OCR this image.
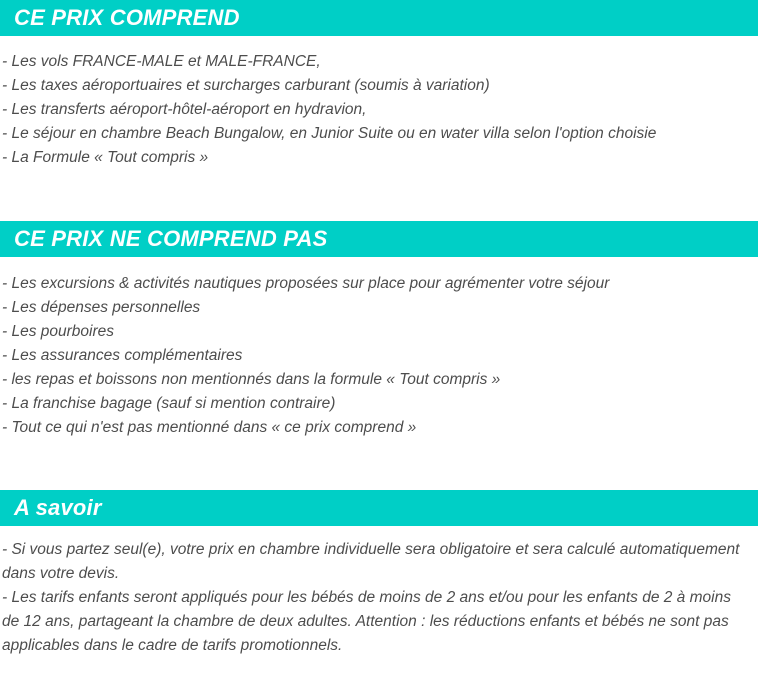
CE PRIX COMPREND
- Les vols FRANCE-MALE et MALE-FRANCE,
- Les taxes aéroportuaires et surcharges carburant (soumis à variation)
- Les transferts aéroport-hôtel-aéroport en hydravion,
- Le séjour en chambre Beach Bungalow, en Junior Suite ou en water villa selon l'option choisie
- La Formule « Tout compris »
CE PRIX NE COMPREND PAS
- Les excursions & activités nautiques proposées sur place pour agrémenter votre séjour
- Les dépenses personnelles
- Les pourboires
- Les assurances complémentaires
- les repas et boissons non mentionnés dans la formule « Tout compris »
- La franchise bagage (sauf si mention contraire)
- Tout ce qui n'est pas mentionné dans « ce prix comprend »
A savoir

- Si vous partez seul(e), votre prix en chambre individuelle sera obligatoire et sera calculé automatiquement dans votre devis.

- Les tarifs enfants seront appliqués pour les bébés de moins de 2 ans et/ou pour les enfants de 2 à moins de 12 ans, partageant la chambre de deux adultes. Attention : les réductions enfants et bébés ne sont pas applicables dans le cadre de tarifs promotionnels.
